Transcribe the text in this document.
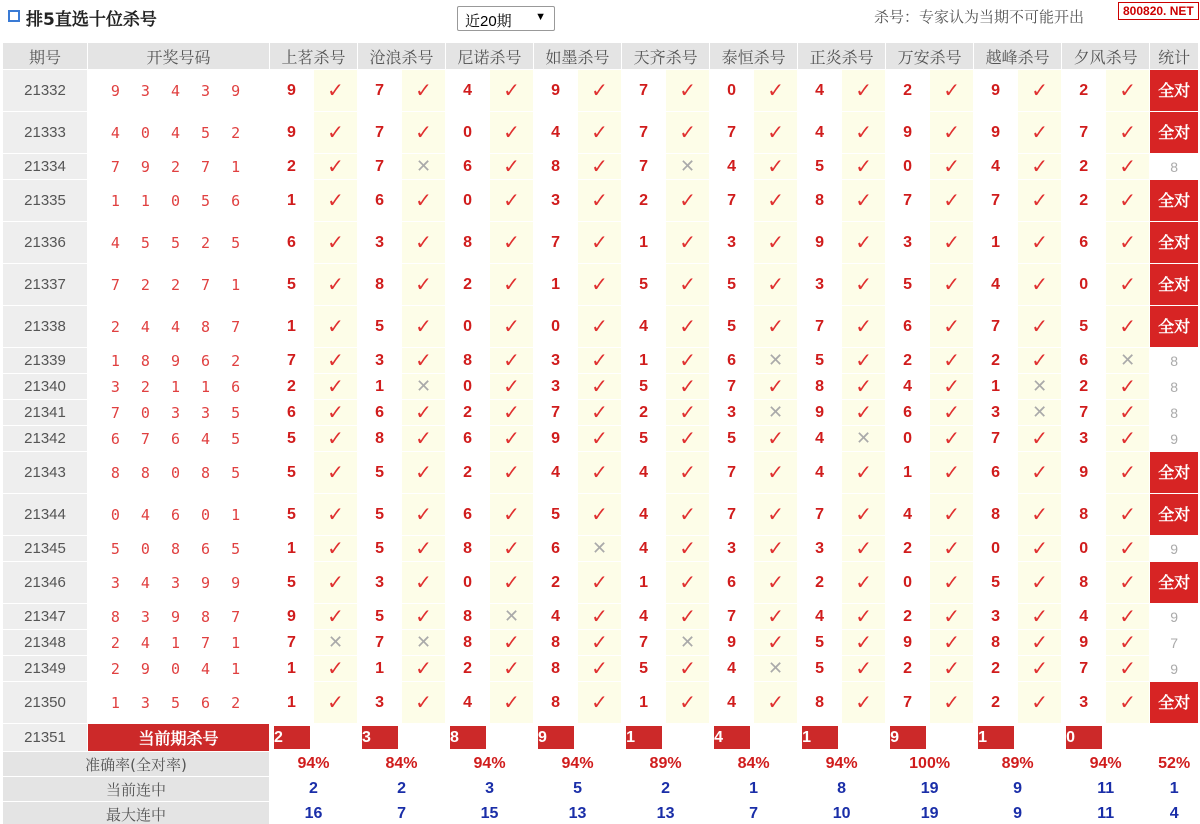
排5直选十位杀号	近20期 ▼	杀号：专家认为当期不可能开出	800820. NET
期号	开奖号码	上茗杀号		沧浪杀号		尼诺杀号		如墨杀号		天齐杀号		泰恒杀号		正炎杀号		万安杀号		越峰杀号		夕风杀号		统计
21332	9 3 4 3 9	9	✓	7	✓	4	✓	9	✓	7	✓	0	✓	4	✓	2	✓	9	✓	2	✓	全对
21333	4 0 4 5 2	9	✓	7	✓	0	✓	4	✓	7	✓	7	✓	4	✓	9	✓	9	✓	7	✓	全对
21334	7 9 2 7 1	2	✓	7	✕	6	✓	8	✓	7	✕	4	✓	5	✓	0	✓	4	✓	2	✓	8
21335	1 1 0 5 6	1	✓	6	✓	0	✓	3	✓	2	✓	7	✓	8	✓	7	✓	7	✓	2	✓	全对
21336	4 5 5 2 5	6	✓	3	✓	8	✓	7	✓	1	✓	3	✓	9	✓	3	✓	1	✓	6	✓	全对
21337	7 2 2 7 1	5	✓	8	✓	2	✓	1	✓	5	✓	5	✓	3	✓	5	✓	4	✓	0	✓	全对
21338	2 4 4 8 7	1	✓	5	✓	0	✓	0	✓	4	✓	5	✓	7	✓	6	✓	7	✓	5	✓	全对
21339	1 8 9 6 2	7	✓	3	✓	8	✓	3	✓	1	✓	6	✕	5	✓	2	✓	2	✓	6	✕	8
21340	3 2 1 1 6	2	✓	1	✕	0	✓	3	✓	5	✓	7	✓	8	✓	4	✓	1	✕	2	✓	8
21341	7 0 3 3 5	6	✓	6	✓	2	✓	7	✓	2	✓	3	✕	9	✓	6	✓	3	✕	7	✓	8
21342	6 7 6 4 5	5	✓	8	✓	6	✓	9	✓	5	✓	5	✓	4	✕	0	✓	7	✓	3	✓	9
21343	8 8 0 8 5	5	✓	5	✓	2	✓	4	✓	4	✓	7	✓	4	✓	1	✓	6	✓	9	✓	全对
21344	0 4 6 0 1	5	✓	5	✓	6	✓	5	✓	4	✓	7	✓	7	✓	4	✓	8	✓	8	✓	全对
21345	5 0 8 6 5	1	✓	5	✓	8	✓	6	✕	4	✓	3	✓	3	✓	2	✓	0	✓	0	✓	9
21346	3 4 3 9 9	5	✓	3	✓	0	✓	2	✓	1	✓	6	✓	2	✓	0	✓	5	✓	8	✓	全对
21347	8 3 9 8 7	9	✓	5	✓	8	✕	4	✓	4	✓	7	✓	4	✓	2	✓	3	✓	4	✓	9
21348	2 4 1 7 1	7	✕	7	✕	8	✓	8	✓	7	✕	9	✓	5	✓	9	✓	8	✓	9	✓	7
21349	2 9 0 4 1	1	✓	1	✓	2	✓	8	✓	5	✓	4	✕	5	✓	2	✓	2	✓	7	✓	9
21350	1 3 5 6 2	1	✓	3	✓	4	✓	8	✓	1	✓	4	✓	8	✓	7	✓	2	✓	3	✓	全对
21351	当前期杀号	2		3		8		9		1		4		1		9		1		0		

准确率(全对率)		94%		84%		94%		94%		89%		84%		94%		100%		89%		94%		52%
当前连中		2		2		3		5		2		1		8		19		9		11		1
最大连中		16		7		15		13		13		7		10		19		9		11		4
